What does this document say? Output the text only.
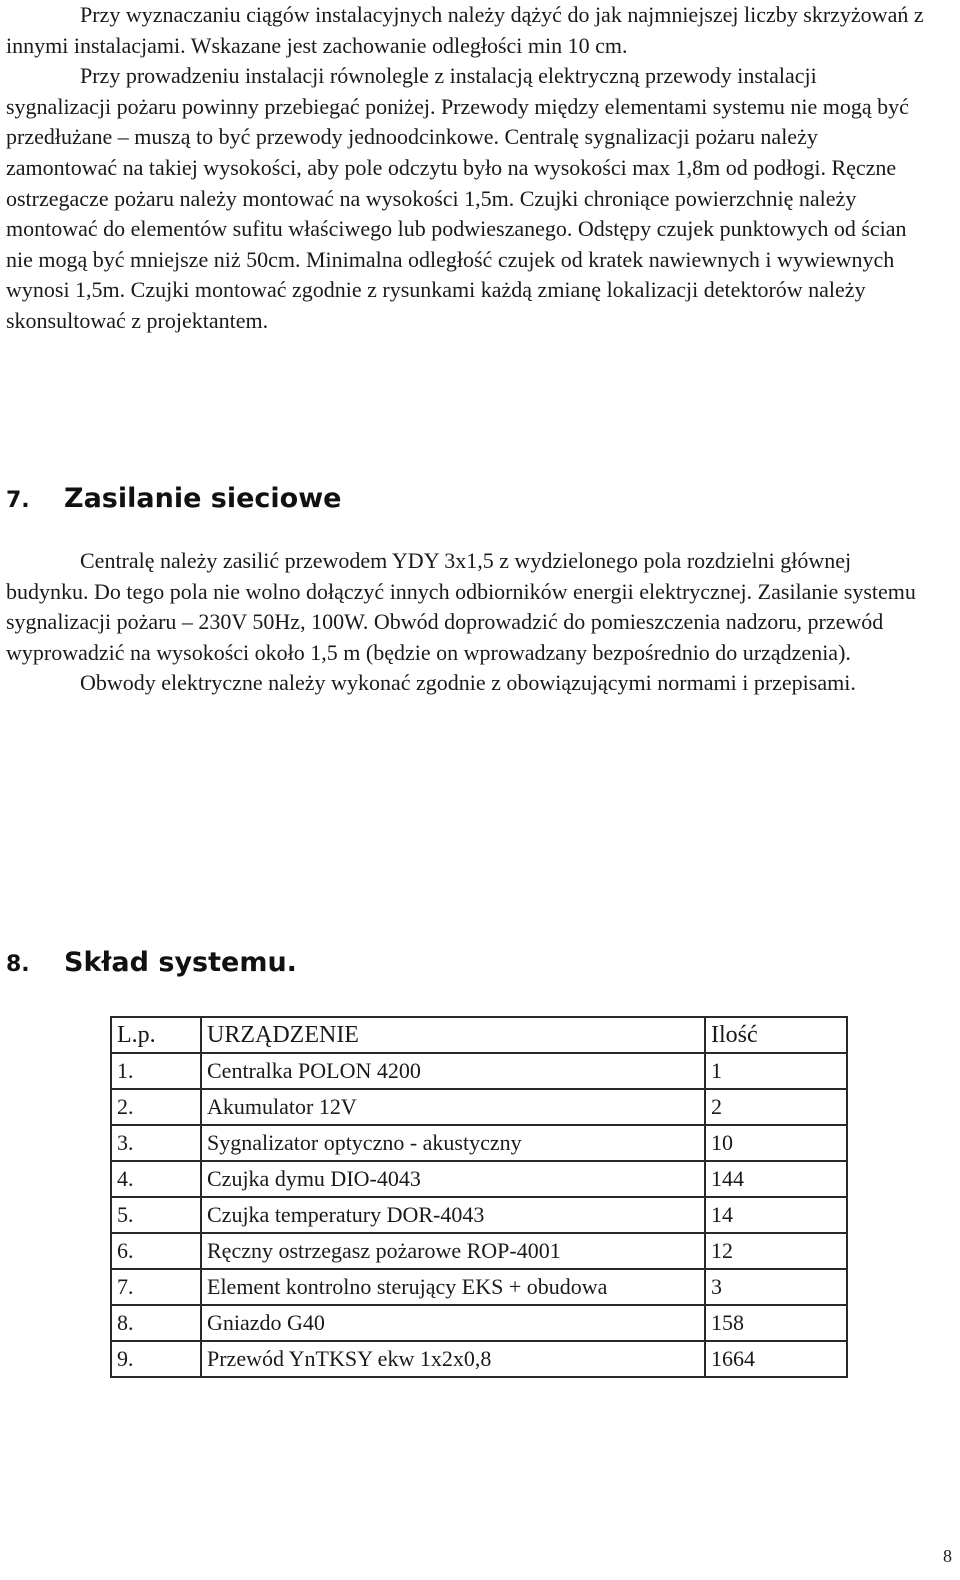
Przy wyznaczaniu ciągów instalacyjnych należy dążyć do jak najmniejszej liczby skrzyżowań z innymi instalacjami. Wskazane jest zachowanie odległości min 10 cm.
Przy prowadzeniu instalacji równolegle z instalacją elektryczną przewody instalacji sygnalizacji pożaru powinny przebiegać poniżej. Przewody między elementami systemu nie mogą być przedłużane – muszą to być przewody jednoodcinkowe. Centralę sygnalizacji pożaru należy zamontować na takiej wysokości, aby pole odczytu było na wysokości max 1,8m od podłogi. Ręczne ostrzegacze pożaru należy montować na wysokości 1,5m. Czujki chroniące powierzchnię należy montować do elementów sufitu właściwego lub podwieszanego. Odstępy czujek punktowych od ścian nie mogą być mniejsze niż 50cm. Minimalna odległość czujek od kratek nawiewnych i wywiewnych wynosi 1,5m. Czujki montować zgodnie z rysunkami każdą zmianę lokalizacji detektorów należy skonsultować z projektantem.

7. Zasilanie sieciowe

Centralę należy zasilić przewodem YDY 3x1,5 z wydzielonego pola rozdzielni głównej budynku. Do tego pola nie wolno dołączyć innych odbiorników energii elektrycznej. Zasilanie systemu sygnalizacji pożaru – 230V 50Hz, 100W. Obwód doprowadzić do pomieszczenia nadzoru, przewód wyprowadzić na wysokości około 1,5 m (będzie on wprowadzany bezpośrednio do urządzenia).
Obwody elektryczne należy wykonać zgodnie z obowiązującymi normami i przepisami.

8. Skład systemu.
L.p.	URZĄDZENIE	Ilość
1.	Centralka POLON 4200	1
2.	Akumulator 12V	2
3.	Sygnalizator optyczno - akustyczny	10
4.	Czujka dymu DIO-4043	144
5.	Czujka temperatury DOR-4043	14
6.	Ręczny ostrzegasz pożarowe ROP-4001	12
7.	Element kontrolno sterujący EKS + obudowa	3
8.	Gniazdo G40	158
9.	Przewód YnTKSY ekw 1x2x0,8	1664
8
